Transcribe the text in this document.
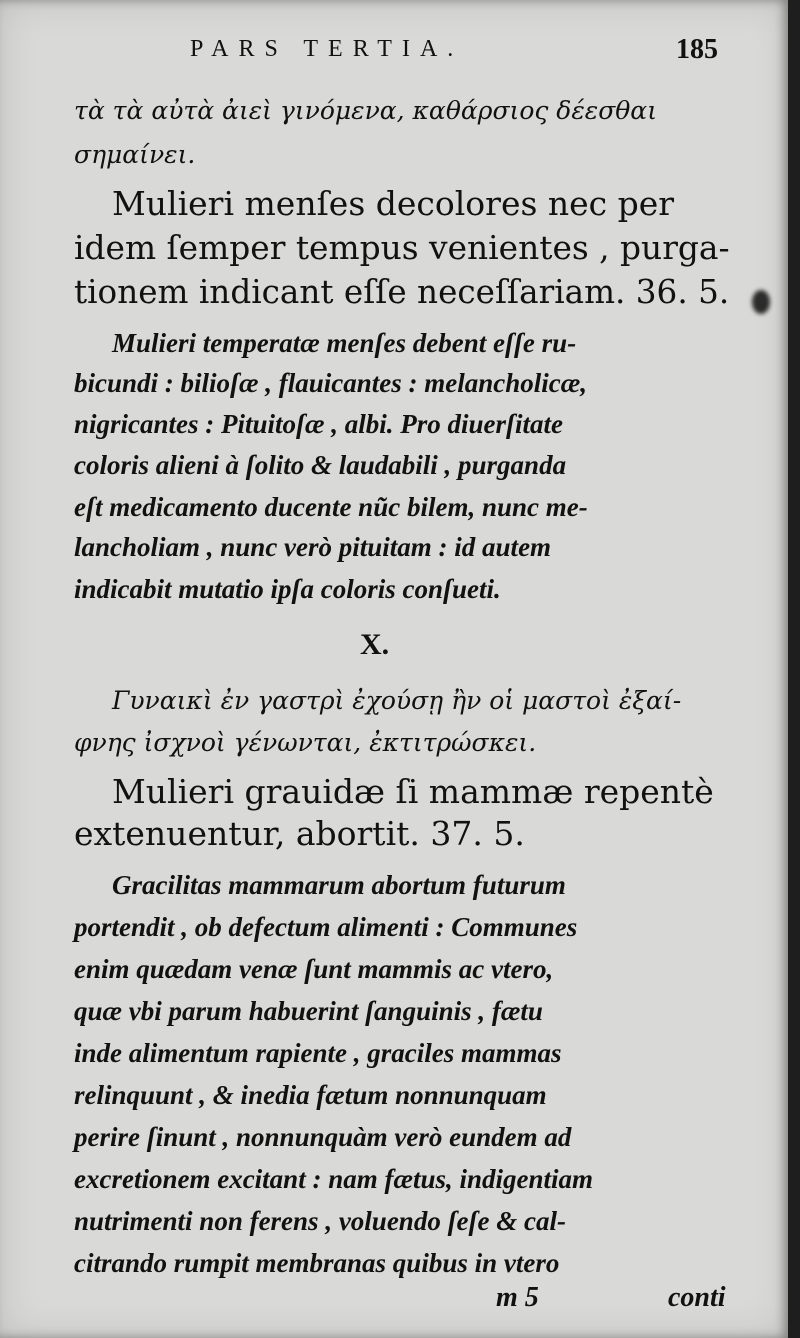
PARS TERTIA.	185
τὰ τὰ αὐτὰ ἀιεὶ γινόμενα, καθάρσιος δέεσθαι
σημαίνει.
Mulieri menſes decolores nec per
idem ſemper tempus venientes , purga-
tionem indicant eſſe neceſſariam. 36. 5.
Mulieri temperatæ menſes debent eſſe ru-
bicundi : bilioſæ , flauicantes : melancholicæ,
nigricantes : Pituitoſæ , albi. Pro diuerſitate
coloris alieni à ſolito & laudabili , purganda
eſt medicamento ducente nũc bilem, nunc me-
lancholiam , nunc verò pituitam : id autem
indicabit mutatio ipſa coloris conſueti.
X.
Γυναικὶ ἐν γαστρὶ ἐχούσῃ ἢν οἱ μαστοὶ ἐξαί-
φνης ἰσχνοὶ γένωνται, ἐκτιτρώσκει.
Mulieri grauidæ ſi mammæ repentè
extenuentur, abortit. 37. 5.
Gracilitas mammarum abortum futurum
portendit , ob defectum alimenti : Communes
enim quædam venæ ſunt mammis ac vtero,
quæ vbi parum habuerint ſanguinis , fætu
inde alimentum rapiente , graciles mammas
relinquunt , & inedia fætum nonnunquam
perire ſinunt , nonnunquàm verò eundem ad
excretionem excitant : nam fætus, indigentiam
nutrimenti non ferens , voluendo ſeſe & cal-
citrando rumpit membranas quibus in vtero
m 5	conti
